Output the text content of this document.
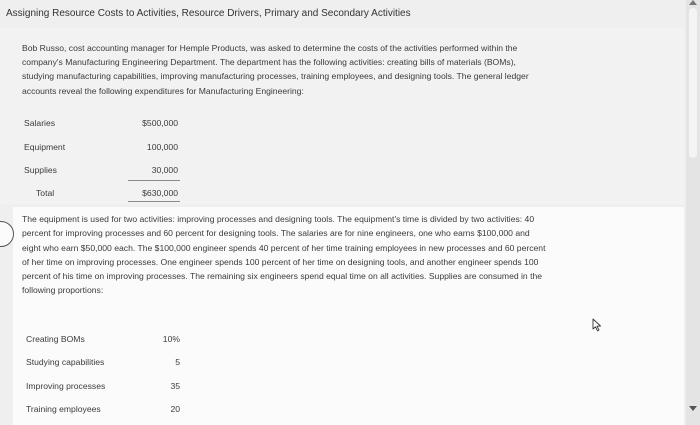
Assigning Resource Costs to Activities, Resource Drivers, Primary and Secondary Activities
Bob Russo, cost accounting manager for Hemple Products, was asked to determine the costs of the activities performed within the
company's Manufacturing Engineering Department. The department has the following activities: creating bills of materials (BOMs),
studying manufacturing capabilities, improving manufacturing processes, training employees, and designing tools. The general ledger
accounts reveal the following expenditures for Manufacturing Engineering:
Salaries	$500,000
Equipment	100,000
Supplies	30,000
Total	$630,000
The equipment is used for two activities: improving processes and designing tools. The equipment's time is divided by two activities: 40
percent for improving processes and 60 percent for designing tools. The salaries are for nine engineers, one who earns $100,000 and
eight who earn $50,000 each. The $100,000 engineer spends 40 percent of her time training employees in new processes and 60 percent
of her time on improving processes. One engineer spends 100 percent of her time on designing tools, and another engineer spends 100
percent of his time on improving processes. The remaining six engineers spend equal time on all activities. Supplies are consumed in the
following proportions:
Creating BOMs	10%
Studying capabilities	5
Improving processes	35
Training employees	20
